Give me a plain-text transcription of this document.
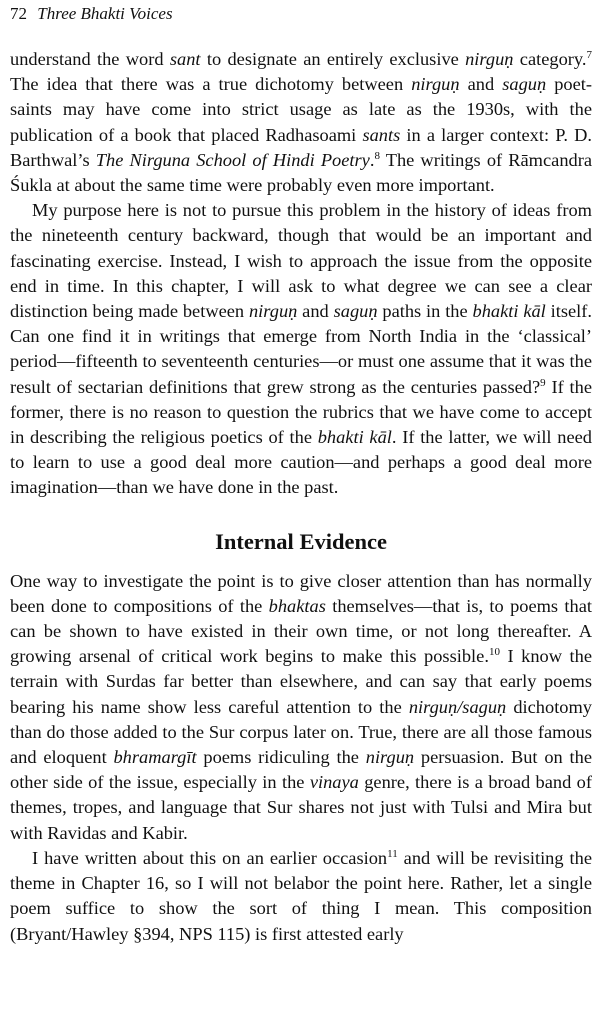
72 Three Bhakti Voices

understand the word sant to designate an entirely exclusive nirguṇ category.$^7$ The idea that there was a true dichotomy between nirguṇ and saguṇ poet-saints may have come into strict usage as late as the 1930s, with the publication of a book that placed Radhasoami sants in a larger context: P. D. Barthwal’s The Nirguna School of Hindi Poetry.$^8$ The writings of Rāmcandra Śukla at about the same time were probably even more important.

My purpose here is not to pursue this problem in the history of ideas from the nineteenth century backward, though that would be an important and fascinating exercise. Instead, I wish to approach the issue from the opposite end in time. In this chapter, I will ask to what degree we can see a clear distinction being made between nirguṇ and saguṇ paths in the bhakti kāl itself. Can one find it in writings that emerge from North India in the ‘classical’ period—fifteenth to seventeenth centuries—or must one assume that it was the result of sectarian definitions that grew strong as the centuries passed?$^9$ If the former, there is no reason to question the rubrics that we have come to accept in describing the religious poetics of the bhakti kāl. If the latter, we will need to learn to use a good deal more caution—and perhaps a good deal more imagination—than we have done in the past.

Internal Evidence

One way to investigate the point is to give closer attention than has normally been done to compositions of the bhaktas themselves—that is, to poems that can be shown to have existed in their own time, or not long thereafter. A growing arsenal of critical work begins to make this possible.$^{10}$ I know the terrain with Surdas far better than elsewhere, and can say that early poems bearing his name show less careful attention to the nirguṇ/saguṇ dichotomy than do those added to the Sur corpus later on. True, there are all those famous and eloquent bhramargīt poems ridiculing the nirguṇ persuasion. But on the other side of the issue, especially in the vinaya genre, there is a broad band of themes, tropes, and language that Sur shares not just with Tulsi and Mira but with Ravidas and Kabir.

I have written about this on an earlier occasion$^{11}$ and will be revisiting the theme in Chapter 16, so I will not belabor the point here. Rather, let a single poem suffice to show the sort of thing I mean. This composition (Bryant/Hawley §394, NPS 115) is first attested early
